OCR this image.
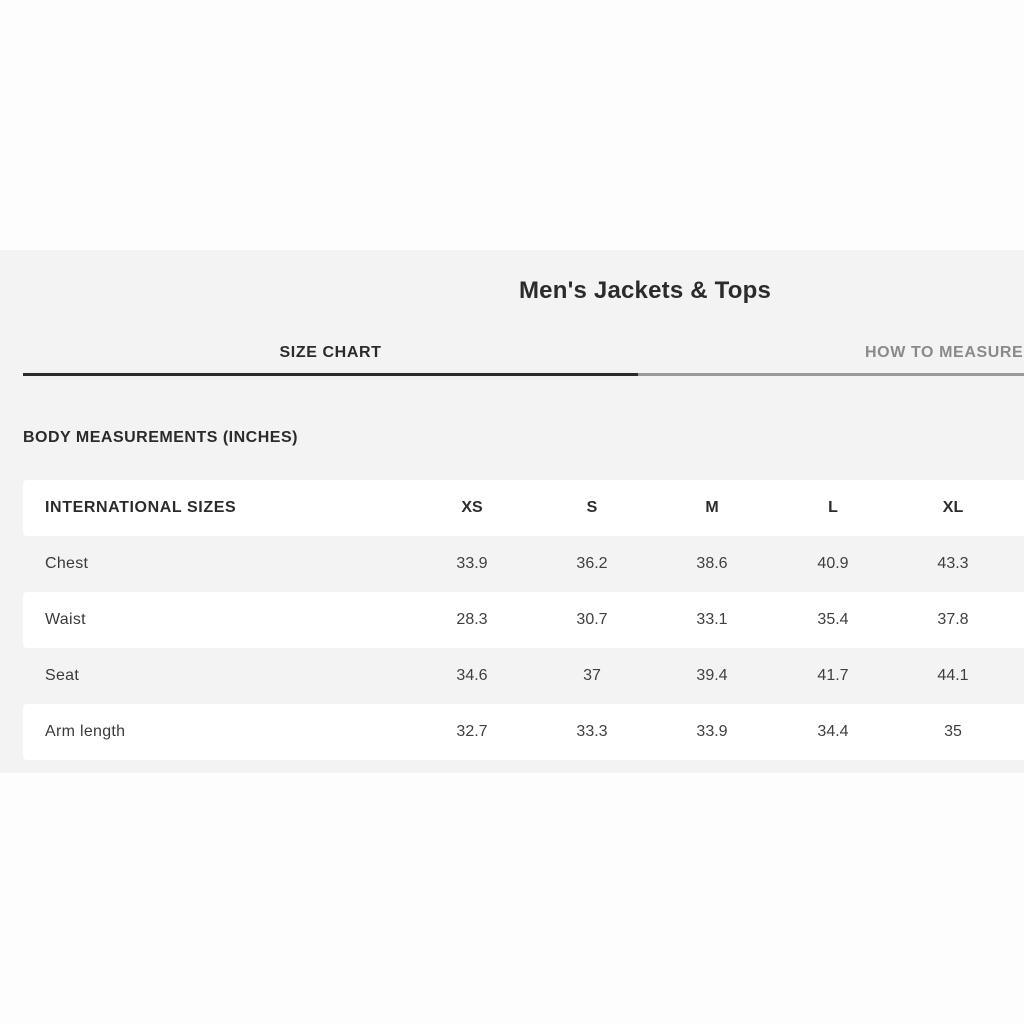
Men's Jackets & Tops
SIZE CHART	HOW TO MEASURE
BODY MEASUREMENTS (INCHES)
INTERNATIONAL SIZES	XS	S	M	L	XL
Chest	33.9	36.2	38.6	40.9	43.3
Waist	28.3	30.7	33.1	35.4	37.8
Seat	34.6	37	39.4	41.7	44.1
Arm length	32.7	33.3	33.9	34.4	35
